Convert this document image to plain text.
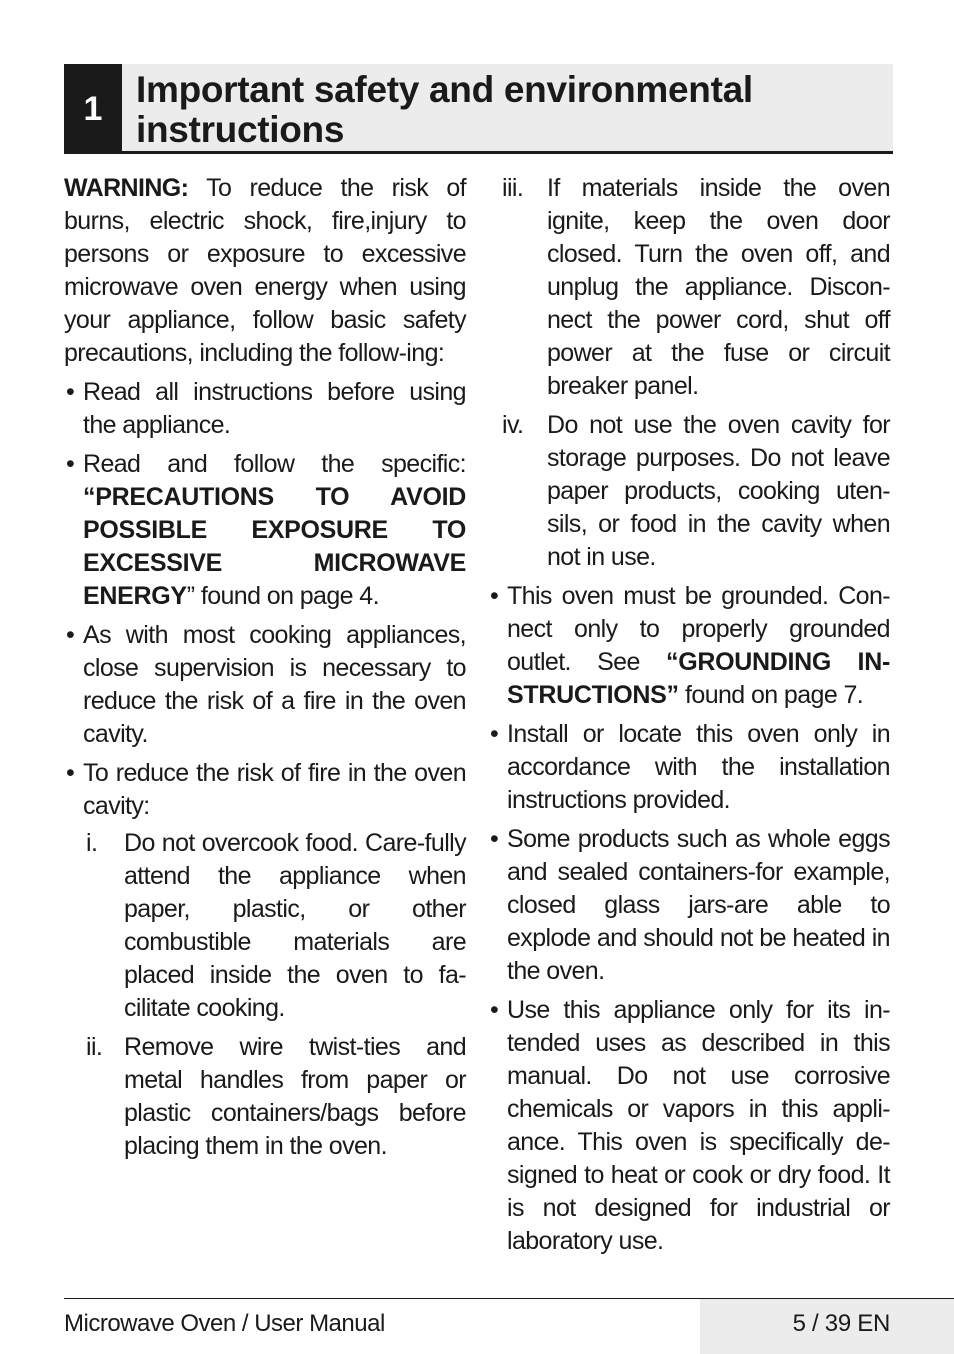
1 Important safety and environmental instructions

WARNING: To reduce the risk of burns, electric shock, fire,injury to persons or exposure to excessive microwave oven energy when using your appliance, follow basic safety precautions, including the follow-ing:

• Read all instructions before using the appliance.
• Read and follow the specific: “PRECAUTIONS TO AVOID POSSIBLE EXPOSURE TO EXCESSIVE MICROWAVE ENERGY” found on page 4.
• As with most cooking appliances, close supervision is necessary to reduce the risk of a fire in the oven cavity.
• To reduce the risk of fire in the oven cavity:
i. Do not overcook food. Care-fully attend the appliance when paper, plastic, or other combustible materials are placed inside the oven to fa-cilitate cooking.
ii. Remove wire twist-ties and metal handles from paper or plastic containers/bags before placing them in the oven.
iii. If materials inside the oven ignite, keep the oven door closed. Turn the oven off, and unplug the appliance. Discon-nect the power cord, shut off power at the fuse or circuit breaker panel.
iv. Do not use the oven cavity for storage purposes. Do not leave paper products, cooking uten-sils, or food in the cavity when not in use.
• This oven must be grounded. Con-nect only to properly grounded outlet. See “GROUNDING IN-STRUCTIONS” found on page 7.
• Install or locate this oven only in accordance with the installation instructions provided.
• Some products such as whole eggs and sealed containers-for example, closed glass jars-are able to explode and should not be heated in the oven.
• Use this appliance only for its in-tended uses as described in this manual. Do not use corrosive chemicals or vapors in this appli-ance. This oven is specifically de-signed to heat or cook or dry food. It is not designed for industrial or laboratory use.
Microwave Oven / User Manual	5 / 39 EN
